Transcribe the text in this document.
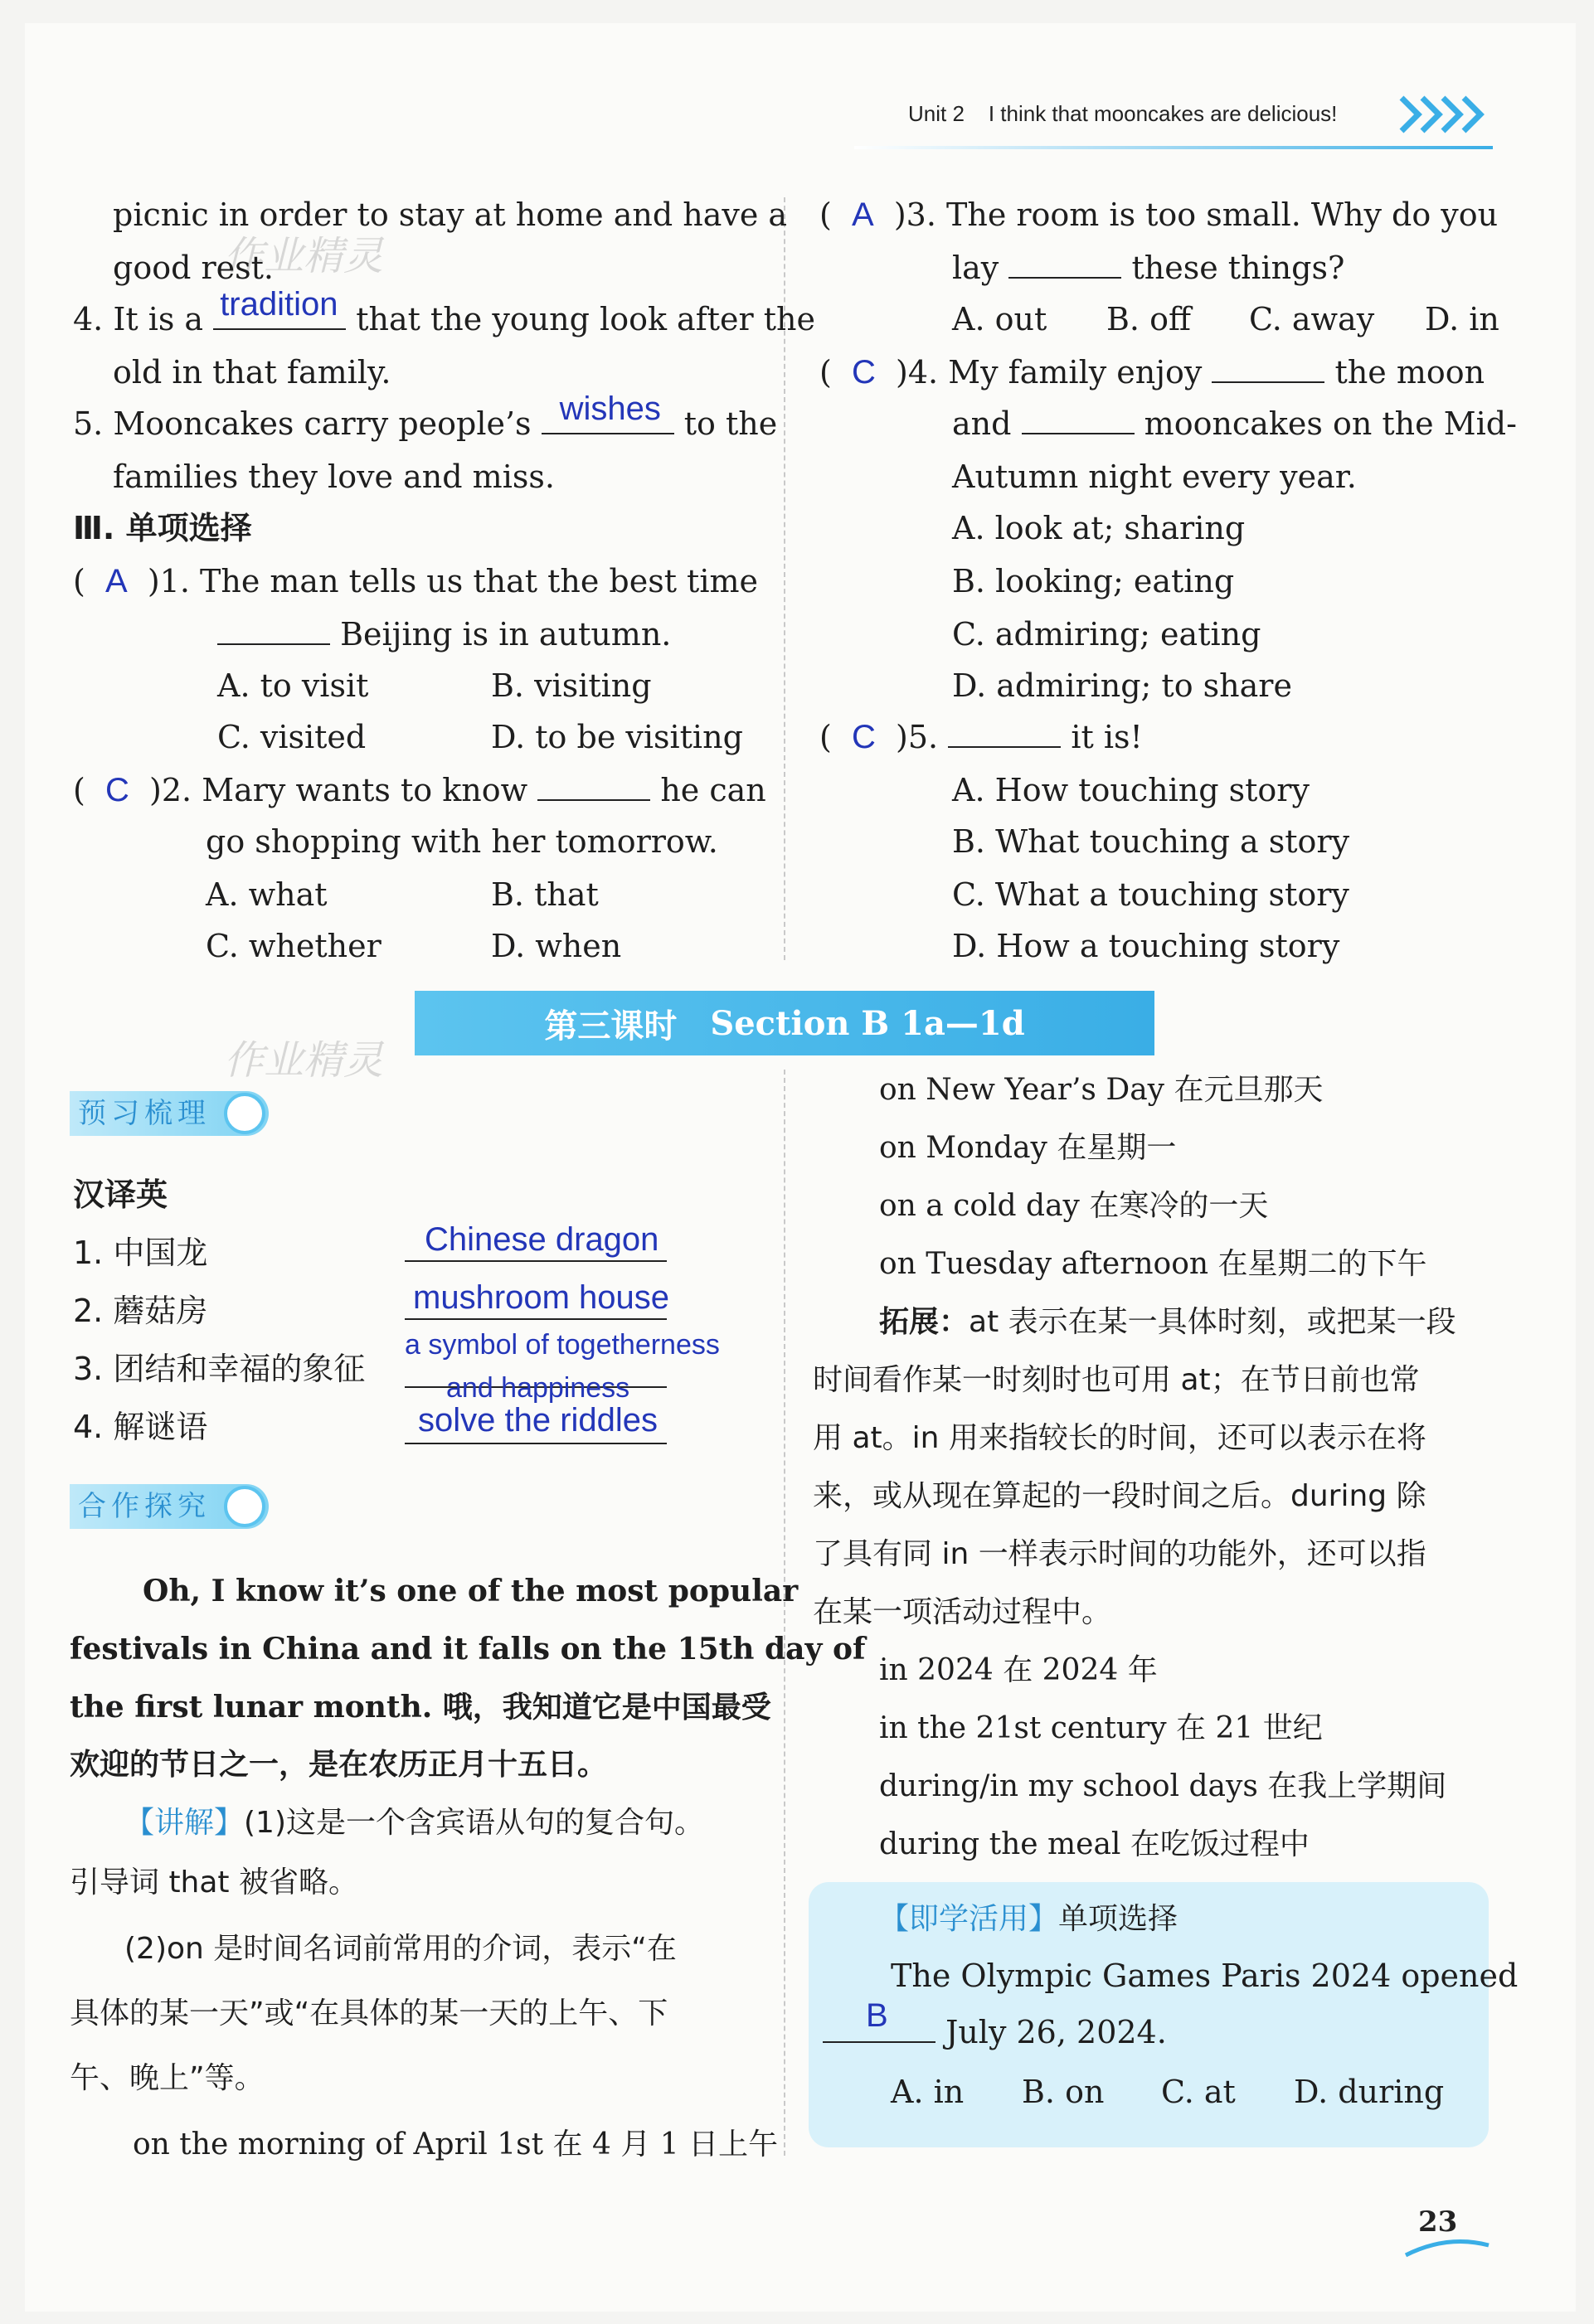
Unit 2 I think that mooncakes are delicious!
作业精灵
作业精灵
picnic in order to stay at home and have a
good rest.
4. It is a tradition that the young look after the
old in that family.
5. Mooncakes carry people’s wishes to the
families they love and miss.
Ⅲ. 单项选择
(  A )1. The man tells us that the best time
Beijing is in autumn.
A. to visit	B. visiting
C. visited	D. to be visiting
(  C )2. Mary wants to know	he can
go shopping with her tomorrow.
A. what	B. that
C. whether	D. when
(  A )3. The room is too small. Why do you
lay	these things?
A. out B. off C. away D. in
(  C )4. My family enjoy	the moon
and	mooncakes on the Mid-
Autumn night every year.
A. look at; sharing
B. looking; eating
C. admiring; eating
D. admiring; to share
(  C )5.	it is!
A. How touching story
B. What touching a story
C. What a touching story
D. How a touching story
第三课时 Section B 1a—1d
预习梳理
汉译英
1. 中国龙	Chinese dragon
2. 蘑菇房	mushroom house
3. 团结和幸福的象征
a symbol of togetherness
and happiness
4. 解谜语	solve the riddles
合作探究
Oh, I know it’s one of the most popular
festivals in China and it falls on the 15th day of
the first lunar month. 哦，我知道它是中国最受
欢迎的节日之一，是在农历正月十五日。
【讲解】(1)这是一个含宾语从句的复合句。
引导词 that 被省略。
(2)on 是时间名词前常用的介词，表示“在
具体的某一天”或“在具体的某一天的上午、下
午、晚上”等。
on the morning of April 1st 在 4 月 1 日上午
on New Year’s Day 在元旦那天
on Monday 在星期一
on a cold day 在寒冷的一天
on Tuesday afternoon 在星期二的下午
拓展：at 表示在某一具体时刻，或把某一段
时间看作某一时刻时也可用 at；在节日前也常
用 at。in 用来指较长的时间，还可以表示在将
来，或从现在算起的一段时间之后。during 除
了具有同 in 一样表示时间的功能外，还可以指
在某一项活动过程中。
in 2024 在 2024 年
in the 21st century 在 21 世纪
during/in my school days 在我上学期间
during the meal 在吃饭过程中
【即学活用】单项选择
The Olympic Games Paris 2024 opened
B July 26, 2024.
A. in B. on C. at D. during
23
